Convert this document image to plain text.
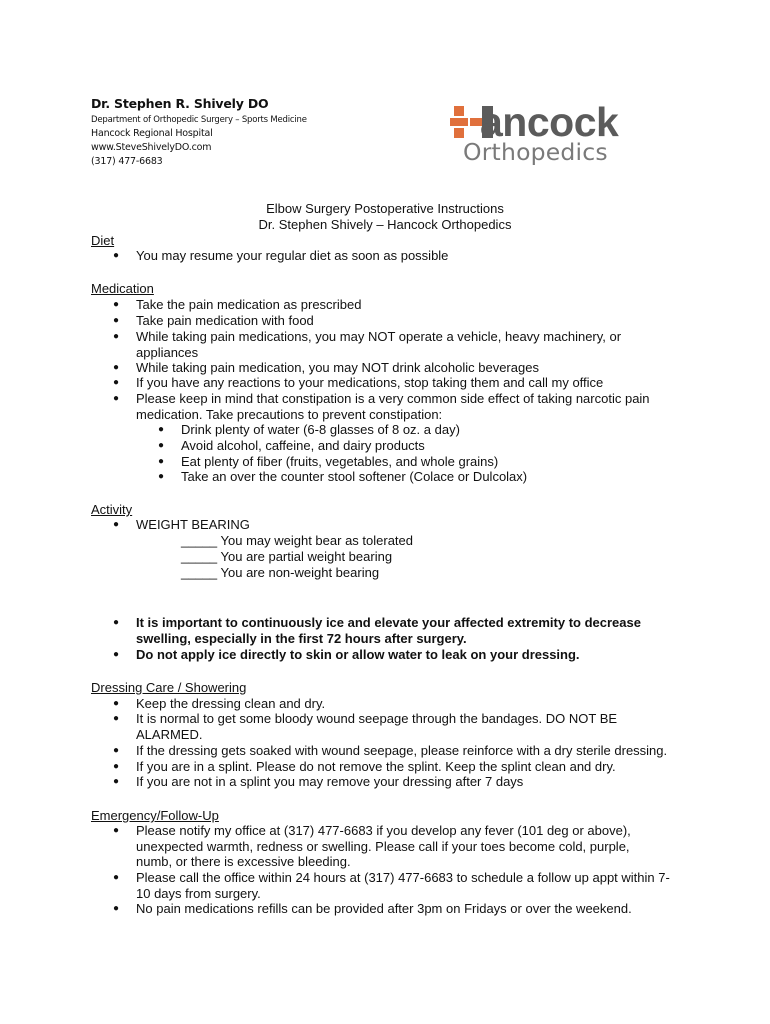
Dr. Stephen R. Shively DO
Department of Orthopedic Surgery – Sports Medicine
Hancock Regional Hospital
www.SteveShivelyDO.com
(317) 477-6683
ancock
Orthopedics
Elbow Surgery Postoperative Instructions
Dr. Stephen Shively – Hancock Orthopedics
Diet
●	You may resume your regular diet as soon as possible
Medication
●	Take the pain medication as prescribed
●	Take pain medication with food
●	While taking pain medications, you may NOT operate a vehicle, heavy machinery, or appliances
●	While taking pain medication, you may NOT drink alcoholic beverages
●	If you have any reactions to your medications, stop taking them and call my office
●	Please keep in mind that constipation is a very common side effect of taking narcotic pain medication. Take precautions to prevent constipation:
● Drink plenty of water (6-8 glasses of 8 oz. a day)
● Avoid alcohol, caffeine, and dairy products
● Eat plenty of fiber (fruits, vegetables, and whole grains)
● Take an over the counter stool softener (Colace or Dulcolax)
Activity
●	WEIGHT BEARING
_____ You may weight bear as tolerated
_____ You are partial weight bearing
_____ You are non-weight bearing
●	It is important to continuously ice and elevate your affected extremity to decrease swelling, especially in the first 72 hours after surgery.
●	Do not apply ice directly to skin or allow water to leak on your dressing.
Dressing Care / Showering
●	Keep the dressing clean and dry.
●	It is normal to get some bloody wound seepage through the bandages. DO NOT BE ALARMED.
●	If the dressing gets soaked with wound seepage, please reinforce with a dry sterile dressing.
●	If you are in a splint. Please do not remove the splint. Keep the splint clean and dry.
●	If you are not in a splint you may remove your dressing after 7 days
Emergency/Follow-Up
●	Please notify my office at (317) 477-6683 if you develop any fever (101 deg or above), unexpected warmth, redness or swelling. Please call if your toes become cold, purple, numb, or there is excessive bleeding.
●	Please call the office within 24 hours at (317) 477-6683 to schedule a follow up appt within 7-10 days from surgery.
●	No pain medications refills can be provided after 3pm on Fridays or over the weekend.
